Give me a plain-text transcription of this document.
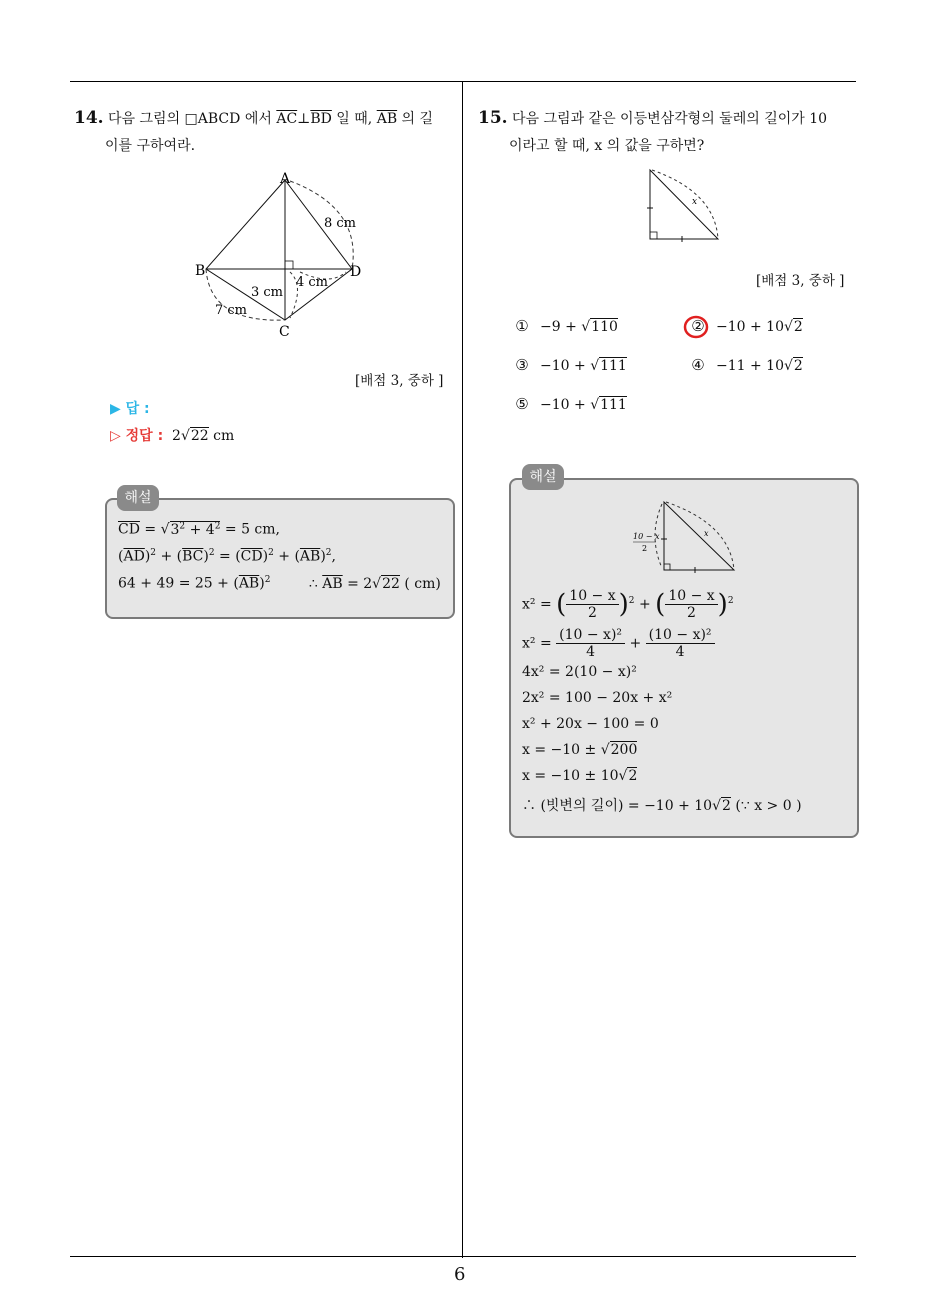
6
14. 다음 그림의 □ABCD 에서 $\overline{AC}\perp\overline{BD}$ 일 때, $\overline{AB}$ 의 길
이를 구하여라.
A
B
C
D
8 cm
4 cm
3 cm
7 cm
[배점 3, 중하 ]
▶ 답 :
▷ 정답 : 2√22 cm
해설
$\overline{CD} = √3^2 + 4^2 = 5$ cm,
$(\overline{AD})^2 + (\overline{BC})^2 = (\overline{CD})^2 + (\overline{AB})^2$,
$64 + 49 = 25 + (\overline{AB})^2$	∴ $\overline{AB} = 2√22$ ( cm)
15. 다음 그림과 같은 이등변삼각형의 둘레의 길이가 10
이라고 할 때, x 의 값을 구하면?
x
[배점 3, 중하 ]
① −9 + √110	② −10 + 10√2
③ −10 + √111	④ −11 + 10√2
⑤ −10 + √111
해설
10 − x
2
x
x² = ( $\frac{10 - x}{2} )^2$ + ( $\frac{10 - x}{2} )^2$
$x^2 = \frac{\text{(10 − x)²}}{4} + \frac{\text{(10 − x)²}}{4}$
4x² = 2(10 − x)²
2x² = 100 − 20x + x²
x² + 20x − 100 = 0
x = −10 ± √200
x = −10 ± 10√2
∴ (빗변의 길이) = −10 + 10√2 (∵ x > 0 )
